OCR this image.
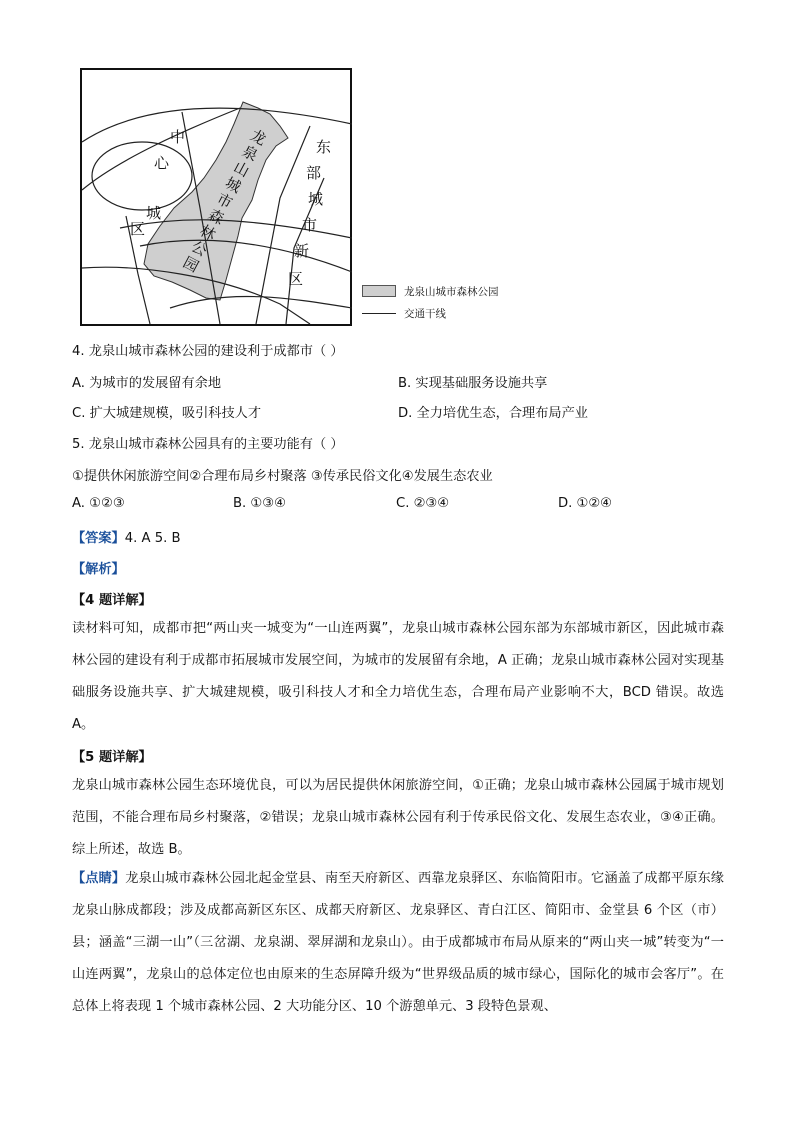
中
心
城
区
龙
泉
山
城
市
森
林
公
园
东
部
城
市
新
区
龙泉山城市森林公园
交通干线
4. 龙泉山城市森林公园的建设利于成都市（ ）
A. 为城市的发展留有余地	B. 实现基础服务设施共享
C. 扩大城建规模，吸引科技人才	D. 全力培优生态，合理布局产业
5. 龙泉山城市森林公园具有的主要功能有（ ）
①提供休闲旅游空间②合理布局乡村聚落 ③传承民俗文化④发展生态农业
A. ①②③	B. ①③④	C. ②③④	D. ①②④
【答案】4. A 5. B
【解析】
【4 题详解】
读材料可知，成都市把“两山夹一城变为“一山连两翼”，龙泉山城市森林公园东部为东部城市新区，因此城市森林公园的建设有利于成都市拓展城市发展空间，为城市的发展留有余地，A 正确；龙泉山城市森林公园对实现基础服务设施共享、扩大城建规模，吸引科技人才和全力培优生态，合理布局产业影响不大，BCD 错误。故选 A。
【5 题详解】
龙泉山城市森林公园生态环境优良，可以为居民提供休闲旅游空间，①正确；龙泉山城市森林公园属于城市规划范围，不能合理布局乡村聚落，②错误；龙泉山城市森林公园有利于传承民俗文化、发展生态农业，③④正确。综上所述，故选 B。
【点睛】龙泉山城市森林公园北起金堂县、南至天府新区、西靠龙泉驿区、东临简阳市。它涵盖了成都平原东缘龙泉山脉成都段；涉及成都高新区东区、成都天府新区、龙泉驿区、青白江区、简阳市、金堂县 6 个区（市）县；涵盖“三湖一山”（三岔湖、龙泉湖、翠屏湖和龙泉山）。由于成都城市布局从原来的“两山夹一城”转变为“一山连两翼”，龙泉山的总体定位也由原来的生态屏障升级为“世界级品质的城市绿心，国际化的城市会客厅”。在总体上将表现 1 个城市森林公园、2 大功能分区、10 个游憩单元、3 段特色景观、
